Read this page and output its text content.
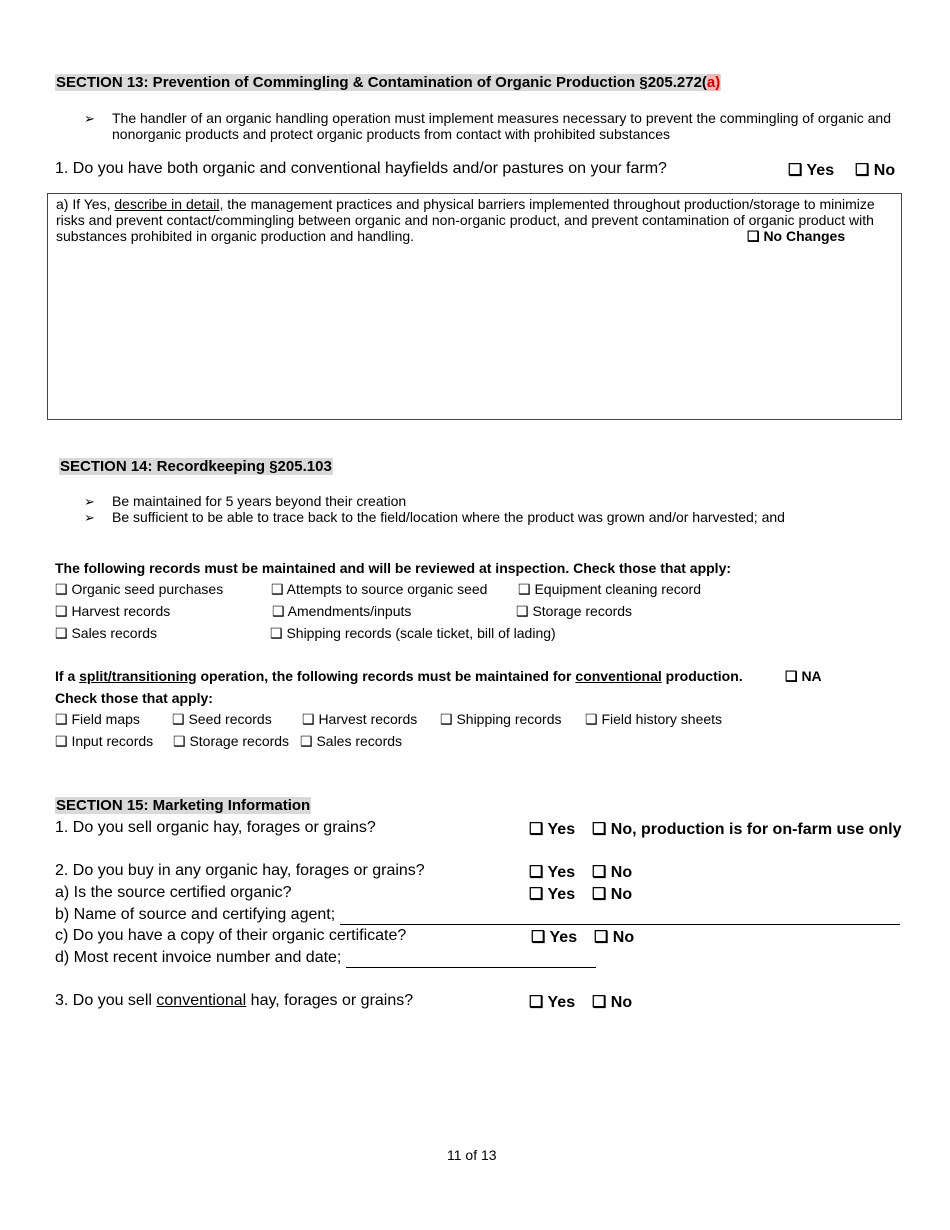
SECTION 13: Prevention of Commingling & Contamination of Organic Production §205.272(a)
➢ The handler of an organic handling operation must implement measures necessary to prevent the commingling of organic and
nonorganic products and protect organic products from contact with prohibited substances
1. Do you have both organic and conventional hayfields and/or pastures on your farm?	❑ Yes ❑ No
a) If Yes, describe in detail, the management practices and physical barriers implemented throughout production/storage to minimize
risks and prevent contact/commingling between organic and non-organic product, and prevent contamination of organic product with
substances prohibited in organic production and handling.	❑ No Changes
SECTION 14: Recordkeeping §205.103
➢ Be maintained for 5 years beyond their creation
➢ Be sufficient to be able to trace back to the field/location where the product was grown and/or harvested; and
The following records must be maintained and will be reviewed at inspection. Check those that apply:
❑ Organic seed purchases	❑ Attempts to source organic seed ❑ Equipment cleaning record
❑ Harvest records	❑ Amendments/inputs	❑ Storage records
❑ Sales records	❑ Shipping records (scale ticket, bill of lading)
If a split/transitioning operation, the following records must be maintained for conventional production.	❑ NA
Check those that apply:
❑ Field maps ❑ Seed records ❑ Harvest records ❑ Shipping records ❑ Field history sheets
❑ Input records ❑ Storage records ❑ Sales records
SECTION 15: Marketing Information
1. Do you sell organic hay, forages or grains?	❑ Yes ❑ No, production is for on-farm use only
2. Do you buy in any organic hay, forages or grains?	❑ Yes ❑ No
a) Is the source certified organic?	❑ Yes ❑ No
b) Name of source and certifying agent;
c) Do you have a copy of their organic certificate?	❑ Yes ❑ No
d) Most recent invoice number and date;
3. Do you sell conventional hay, forages or grains?	❑ Yes ❑ No
11 of 13
